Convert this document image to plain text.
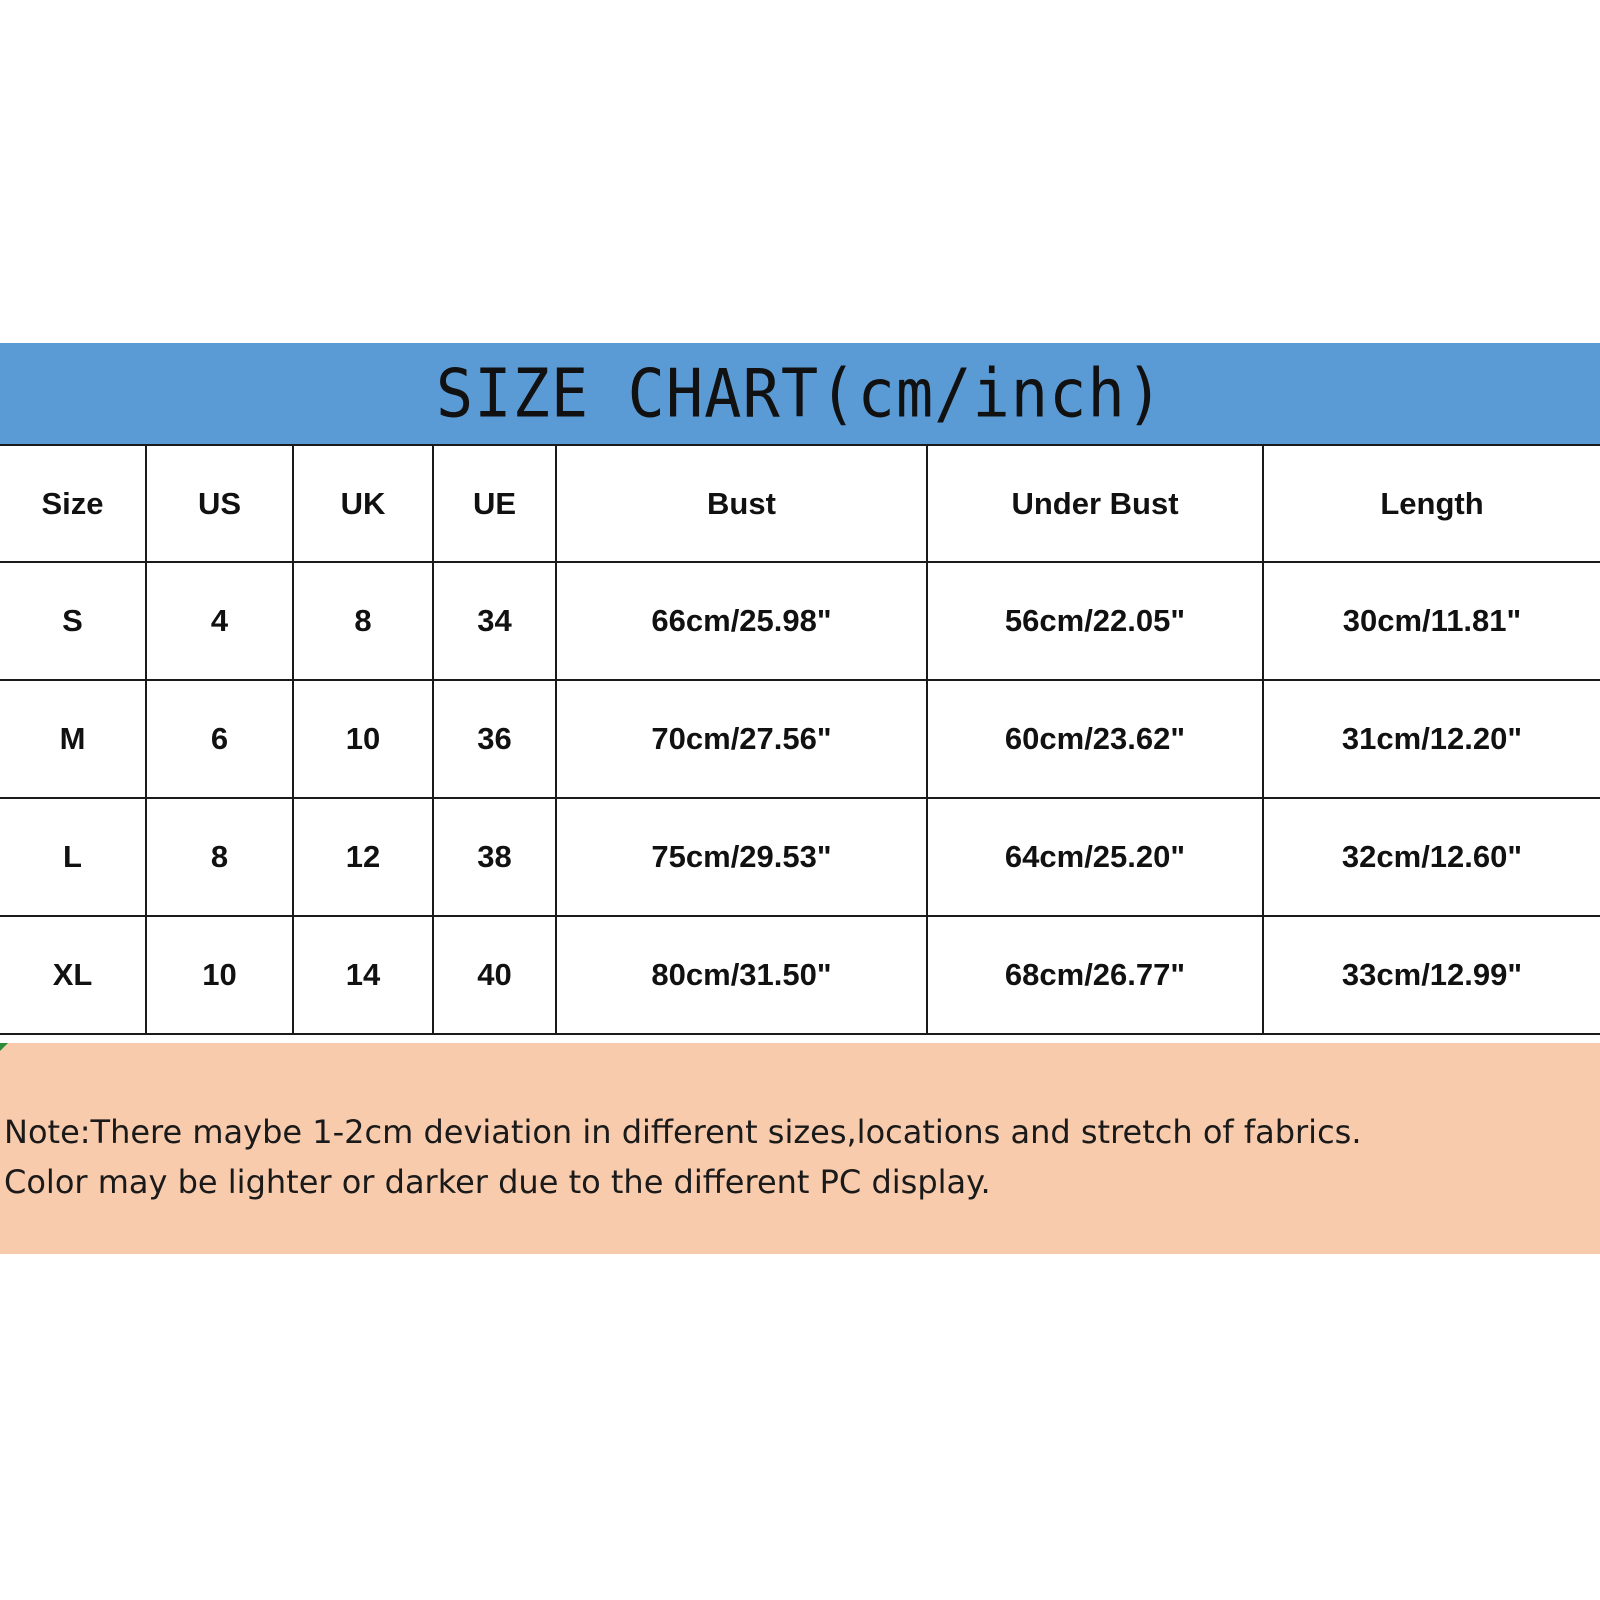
SIZE CHART(cm/inch)
Size	US	UK	UE	Bust	Under Bust	Length
S	4	8	34	66cm/25.98"	56cm/22.05"	30cm/11.81"
M	6	10	36	70cm/27.56"	60cm/23.62"	31cm/12.20"
L	8	12	38	75cm/29.53"	64cm/25.20"	32cm/12.60"
XL	10	14	40	80cm/31.50"	68cm/26.77"	33cm/12.99"
Note:There maybe 1-2cm deviation in different sizes,locations and stretch of fabrics.
Color may be lighter or darker due to the different PC display.
